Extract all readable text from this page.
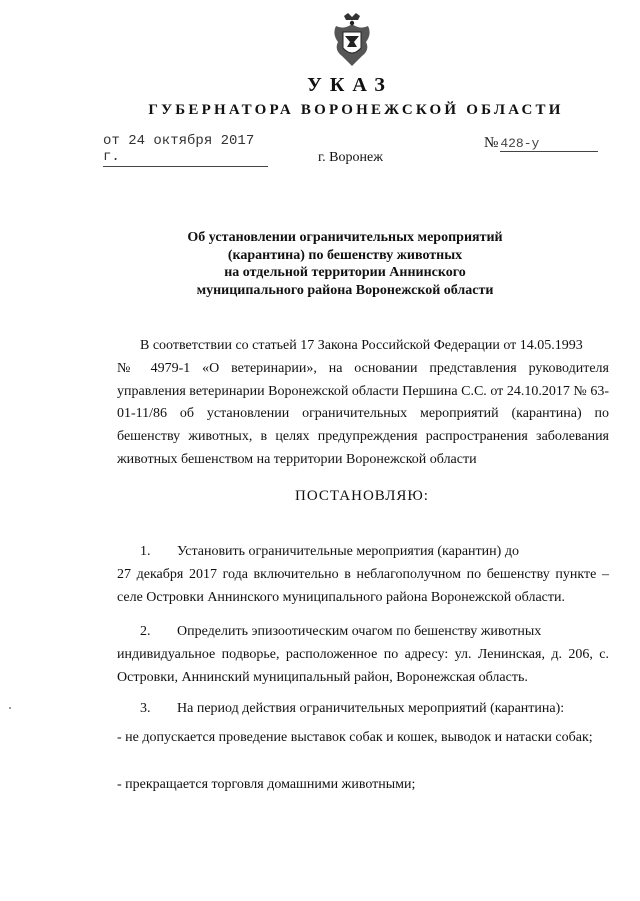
УКАЗ
ГУБЕРНАТОРА ВОРОНЕЖСКОЙ ОБЛАСТИ
от 24 октября 2017 г.
№ 428-у
г. Воронеж
Об установлении ограничительных мероприятий
(карантина) по бешенству животных
на отдельной территории Аннинского
муниципального района Воронежской области
В соответствии со статьей 17 Закона Российской Федерации от 14.05.1993
№ 4979-1 «О ветеринарии», на основании представления руководителя управления ветеринарии Воронежской области Першина С.С. от 24.10.2017 № 63-01-11/86 об установлении ограничительных мероприятий (карантина) по бешенству животных, в целях предупреждения распространения заболевания животных бешенством на территории Воронежской области
ПОСТАНОВЛЯЮ:
1. Установить ограничительные мероприятия (карантин) до
27 декабря 2017 года включительно в неблагополучном по бешенству пункте – селе Островки Аннинского муниципального района Воронежской области.
2. Определить эпизоотическим очагом по бешенству животных
индивидуальное подворье, расположенное по адресу: ул. Ленинская, д. 206, с. Островки, Аннинский муниципальный район, Воронежская область.
3. На период действия ограничительных мероприятий (карантина):
- не допускается проведение выставок собак и кошек, выводок и натаски собак;
- прекращается торговля домашними животными;
